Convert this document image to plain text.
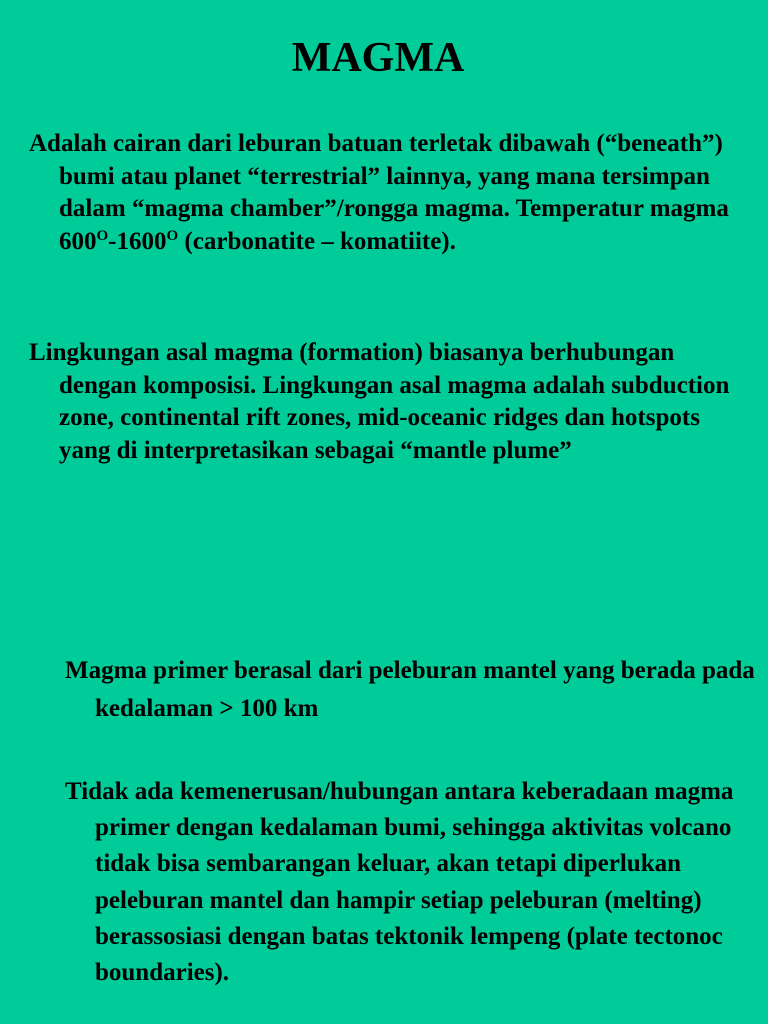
MAGMA

Adalah cairan dari leburan batuan terletak dibawah (“beneath”) bumi atau planet “terrestrial” lainnya, yang mana tersimpan dalam “magma chamber”/rongga magma. Temperatur magma $600^O-1600^O$ (carbonatite – komatiite).

Lingkungan asal magma (formation) biasanya berhubungan dengan komposisi. Lingkungan asal magma adalah subduction zone, continental rift zones, mid-oceanic ridges dan hotspots yang di interpretasikan sebagai “mantle plume”

Magma primer berasal dari peleburan mantel yang berada pada kedalaman > 100 km

Tidak ada kemenerusan/hubungan antara keberadaan magma primer dengan kedalaman bumi, sehingga aktivitas volcano tidak bisa sembarangan keluar, akan tetapi diperlukan peleburan mantel dan hampir setiap peleburan (melting) berassosiasi dengan batas tektonik lempeng (plate tectonoc boundaries).
